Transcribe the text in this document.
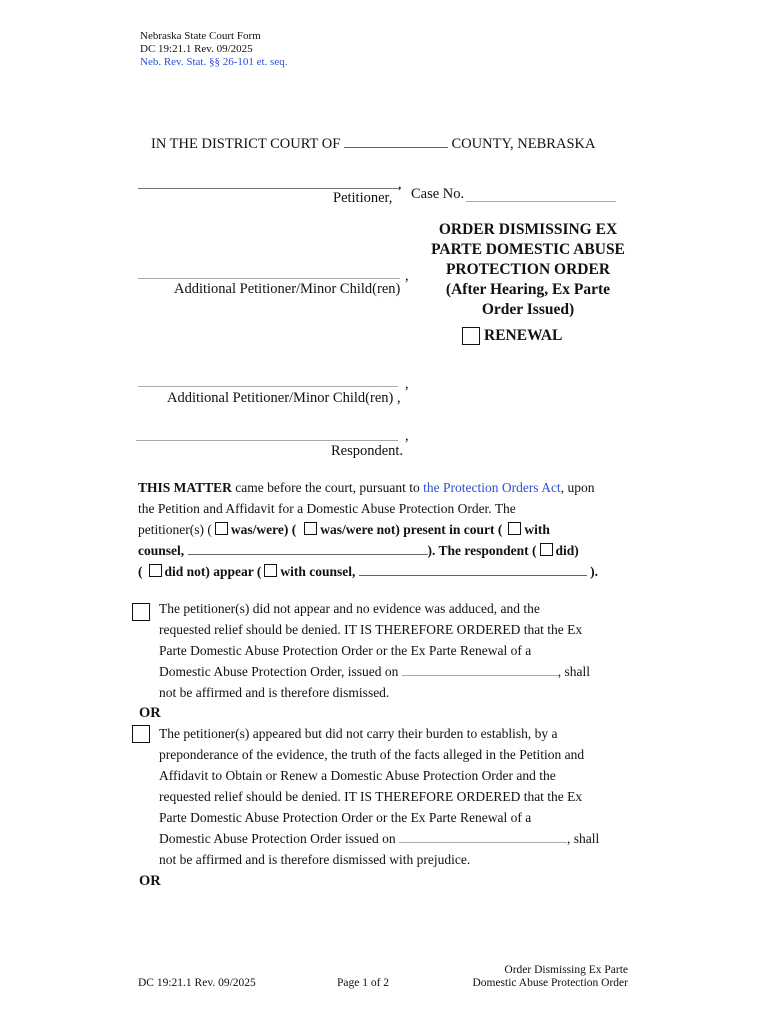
Nebraska State Court Form
DC 19:21.1 Rev. 09/2025
Neb. Rev. Stat. §§ 26-101 et. seq.
IN THE DISTRICT COURT OF	COUNTY, NEBRASKA
,
Petitioner, Case No.
,
Additional Petitioner/Minor Child(ren)
ORDER DISMISSING EX
PARTE DOMESTIC ABUSE
PROTECTION ORDER
(After Hearing, Ex Parte
Order Issued)
RENEWAL
,
Additional Petitioner/Minor Child(ren) ,
,
Respondent.
THIS MATTER came before the court, pursuant to the Protection Orders Act, upon
the Petition and Affidavit for a Domestic Abuse Protection Order. The
petitioner(s) ( was/were) ( was/were not) present in court ( with
counsel,	). The respondent ( did)
( did not) appear ( with counsel,	).
The petitioner(s) did not appear and no evidence was adduced, and the
requested relief should be denied. IT IS THEREFORE ORDERED that the Ex
Parte Domestic Abuse Protection Order or the Ex Parte Renewal of a
Domestic Abuse Protection Order, issued on	, shall
not be affirmed and is therefore dismissed.
OR
The petitioner(s) appeared but did not carry their burden to establish, by a
preponderance of the evidence, the truth of the facts alleged in the Petition and
Affidavit to Obtain or Renew a Domestic Abuse Protection Order and the
requested relief should be denied. IT IS THEREFORE ORDERED that the Ex
Parte Domestic Abuse Protection Order or the Ex Parte Renewal of a
Domestic Abuse Protection Order issued on	, shall
not be affirmed and is therefore dismissed with prejudice.
OR
DC 19:21.1 Rev. 09/2025	Page 1 of 2
Order Dismissing Ex Parte
Domestic Abuse Protection Order
